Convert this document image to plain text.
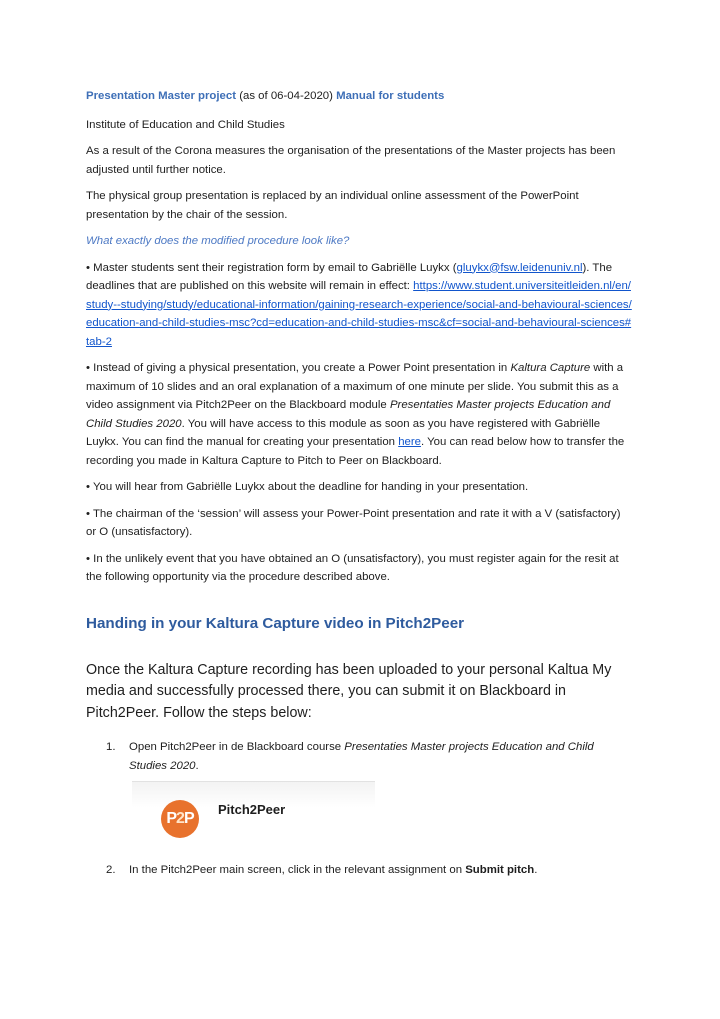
Presentation Master project (as of 06-04-2020) Manual for students

Institute of Education and Child Studies

As a result of the Corona measures the organisation of the presentations of the Master projects has been adjusted until further notice.

The physical group presentation is replaced by an individual online assessment of the PowerPoint presentation by the chair of the session.

What exactly does the modified procedure look like?

• Master students sent their registration form by email to Gabriëlle Luykx (gluykx@fsw.leidenuniv.nl). The deadlines that are published on this website will remain in effect: https://www.student.universiteitleiden.nl/en/study--studying/study/educational-information/gaining-research-experience/social-and-behavioural-sciences/education-and-child-studies-msc?cd=education-and-child-studies-msc&cf=social-and-behavioural-sciences#tab-2

• Instead of giving a physical presentation, you create a Power Point presentation in Kaltura Capture with a maximum of 10 slides and an oral explanation of a maximum of one minute per slide. You submit this as a video assignment via Pitch2Peer on the Blackboard module Presentaties Master projects Education and Child Studies 2020. You will have access to this module as soon as you have registered with Gabriëlle Luykx. You can find the manual for creating your presentation here. You can read below how to transfer the recording you made in Kaltura Capture to Pitch to Peer on Blackboard.

• You will hear from Gabriëlle Luykx about the deadline for handing in your presentation.

• The chairman of the ‘session’ will assess your Power-Point presentation and rate it with a V (satisfactory) or O (unsatisfactory).

• In the unlikely event that you have obtained an O (unsatisfactory), you must register again for the resit at the following opportunity via the procedure described above.

Handing in your Kaltura Capture video in Pitch2Peer

Once the Kaltura Capture recording has been uploaded to your personal Kaltua My media and successfully processed there, you can submit it on Blackboard in Pitch2Peer. Follow the steps below:

1. Open Pitch2Peer in de Blackboard course Presentaties Master projects Education and Child Studies 2020.
P 2 P
Pitch2Peer
2. In the Pitch2Peer main screen, click in the relevant assignment on Submit pitch.
